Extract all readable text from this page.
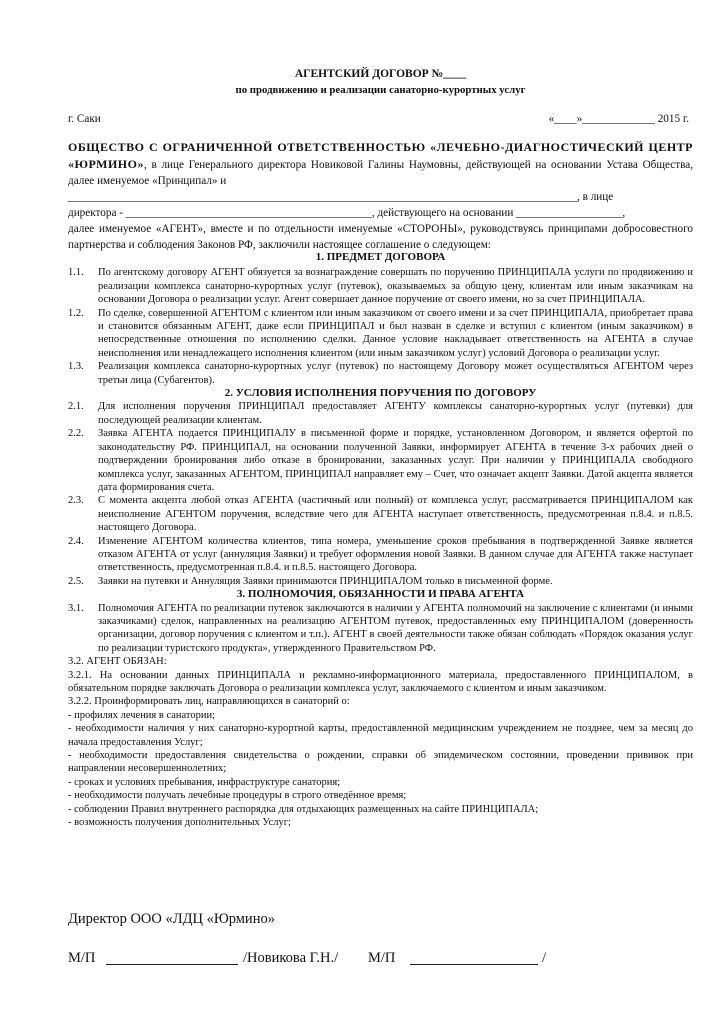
АГЕНТСКИЙ ДОГОВОР №____
по продвижению и реализации санаторно-курортных услуг
г. Саки	«____»_____________ 2015 г.

ОБЩЕСТВО С ОГРАНИЧЕННОЙ ОТВЕТСТВЕННОСТЬЮ «ЛЕЧЕБНО-ДИАГНОСТИЧЕСКИЙ ЦЕНТР «ЮРМИНО», в лице Генерального директора Новиковой Галины Наумовны, действующей на основании Устава Общества, далее именуемое «Принципал» и

___________________________________________________________________________________________, в лице

директора - ____________________________________________, действующего на основании ___________________,

далее именуемое «АГЕНТ», вместе и по отдельности именуемые «СТОРОНЫ», руководствуясь принципами добросовестного партнерства и соблюдения Законов РФ, заключили настоящее соглашение о следующем:

1. ПРЕДМЕТ ДОГОВОРА

1.1.	По агентскому договору АГЕНТ обязуется за вознаграждение совершать по поручению ПРИНЦИПАЛА услуги по продвижению и реализации комплекса санаторно-курортных услуг (путевок), оказываемых за общую цену, клиентам или иным заказчикам на основании Договора о реализации услуг. Агент совершает данное поручение от своего имени, но за счет ПРИНЦИПАЛА.
1.2.	По сделке, совершенной АГЕНТОМ с клиентом или иным заказчиком от своего имени и за счет ПРИНЦИПАЛА, приобретает права и становится обязанным АГЕНТ, даже если ПРИНЦИПАЛ и был назван в сделке и вступил с клиентом (иным заказчиком) в непосредственные отношения по исполнению сделки. Данное условие накладывает ответственность на АГЕНТА в случае неисполнения или ненадлежащего исполнения клиентом (или иным заказчиком услуг) условий Договора о реализации услуг.
1.3.	Реализация комплекса санаторно-курортных услуг (путевок) по настоящему Договору может осуществляться АГЕНТОМ через третьи лица (Субагентов).

2. УСЛОВИЯ ИСПОЛНЕНИЯ ПОРУЧЕНИЯ ПО ДОГОВОРУ

2.1.	Для исполнения поручения ПРИНЦИПАЛ предоставляет АГЕНТУ комплексы санаторно-курортных услуг (путевки) для последующей реализации клиентам.
2.2.	Заявка АГЕНТА подается ПРИНЦИПАЛУ в письменной форме и порядке, установленном Договором, и является офертой по законодательству РФ. ПРИНЦИПАЛ, на основании полученной Заявки, информирует АГЕНТА в течение 3-х рабочих дней о подтверждении бронирования либо отказе в бронировании, заказанных услуг. При наличии у ПРИНЦИПАЛА свободного комплекса услуг, заказанных АГЕНТОМ, ПРИНЦИПАЛ направляет ему – Счет, что означает акцепт Заявки. Датой акцепта является дата формирования счета.
2.3.	С момента акцепта любой отказ АГЕНТА (частичный или полный) от комплекса услуг, рассматривается ПРИНЦИПАЛОМ как неисполнение АГЕНТОМ поручения, вследствие чего для АГЕНТА наступает ответственность, предусмотренная п.8.4. и п.8.5. настоящего Договора.
2.4.	Изменение АГЕНТОМ количества клиентов, типа номера, уменьшение сроков пребывания в подтвержденной Заявке является отказом АГЕНТА от услуг (аннуляция Заявки) и требует оформления новой Заявки. В данном случае для АГЕНТА также наступает ответственность, предусмотренная п.8.4. и п.8.5. настоящего Договора.
2.5.	Заявки на путевки и Аннуляция Заявки принимаются ПРИНЦИПАЛОМ только в письменной форме.

3. ПОЛНОМОЧИЯ, ОБЯЗАННОСТИ И ПРАВА АГЕНТА

3.1.	Полномочия АГЕНТА по реализации путевок заключаются в наличии у АГЕНТА полномочий на заключение с клиентами (и иными заказчиками) сделок, направленных на реализацию АГЕНТОМ путевок, предоставленных ему ПРИНЦИПАЛОМ (доверенность организации, договор поручения с клиентом и т.п.). АГЕНТ в своей деятельности также обязан соблюдать «Порядок оказания услуг по реализации туристского продукта», утвержденного Правительством РФ.

3.2. АГЕНТ ОБЯЗАН:

3.2.1. На основании данных ПРИНЦИПАЛА и рекламно-информационного материала, предоставленного ПРИНЦИПАЛОМ, в обязательном порядке заключать Договора о реализации комплекса услуг, заключаемого с клиентом и иным заказчиком.

3.2.2. Проинформировать лиц, направляющихся в санаторий о:

- профилях лечения в санатории;

- необходимости наличия у них санаторно-курортной карты, предоставленной медицинским учреждением не позднее, чем за месяц до начала предоставления Услуг;

- необходимости предоставления свидетельства о рождении, справки об эпидемическом состоянии, проведении прививок при направлении несовершеннолетних;

- сроках и условиях пребывания, инфраструктуре санатория;

- необходимости получать лечебные процедуры в строго отведённое время;

- соблюдении Правил внутреннего распорядка для отдыхающих размещенных на сайте ПРИНЦИПАЛА;

- возможность получения дополнительных Услуг;

Директор ООО «ЛДЦ «Юрмино»
М/П	/Новикова Г.Н./ М/П	/
